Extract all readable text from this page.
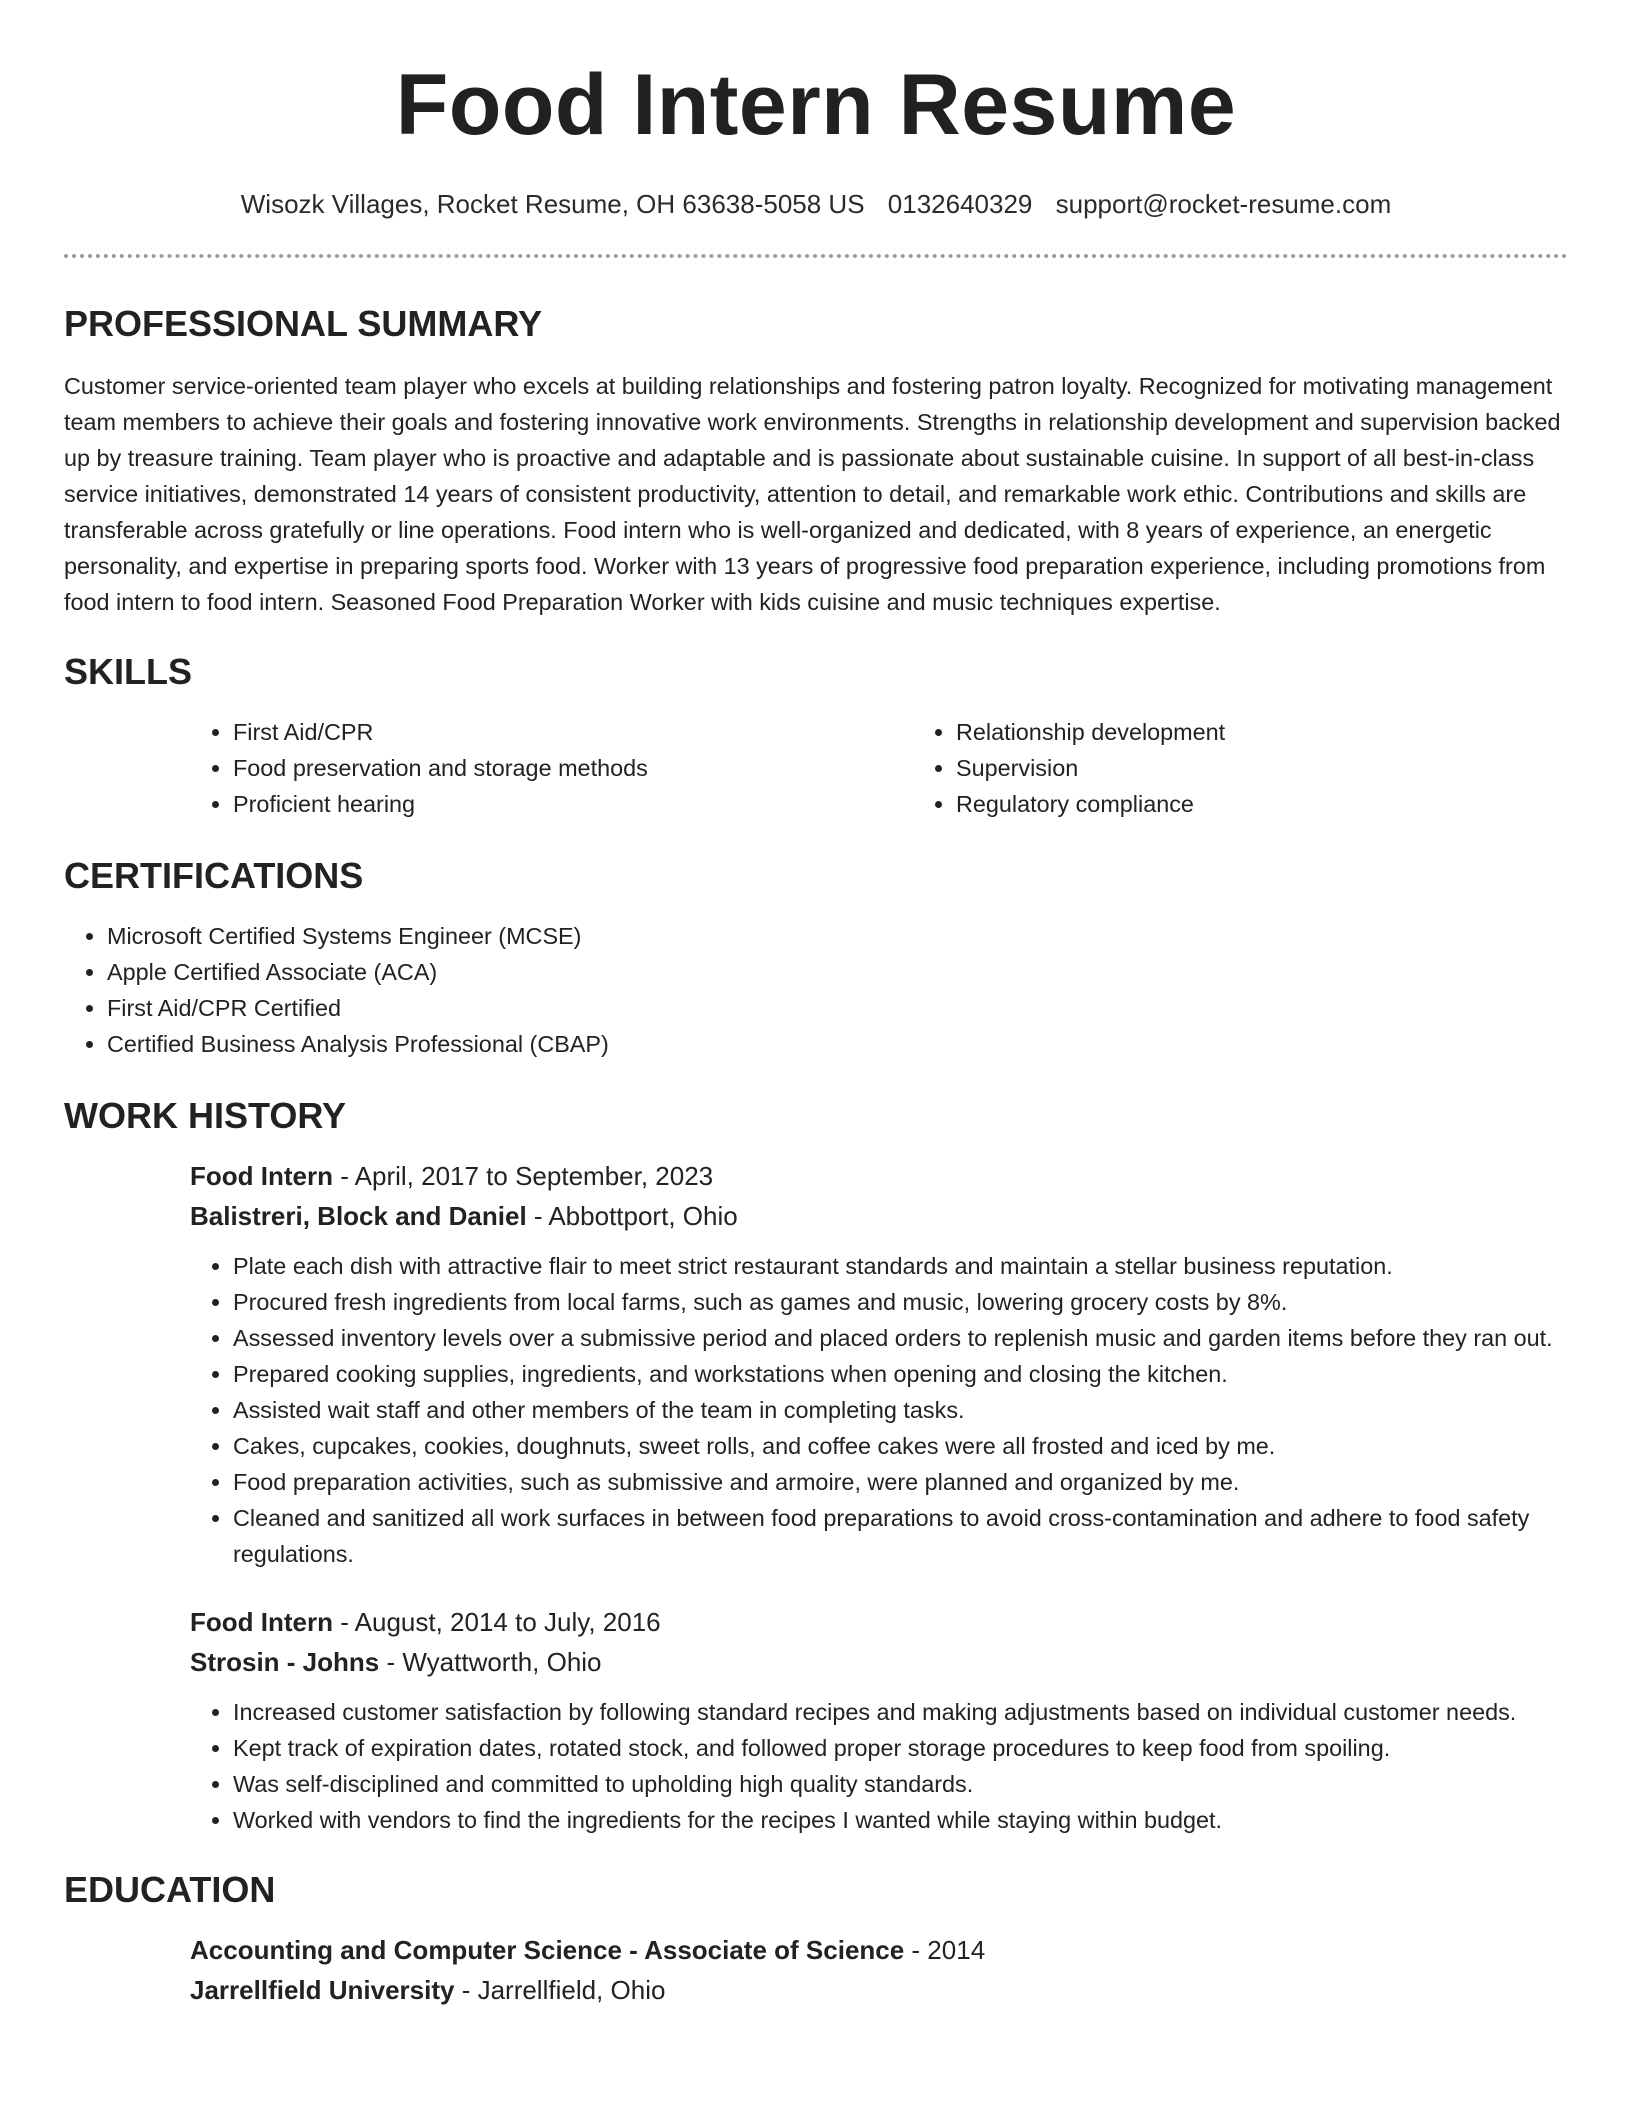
Food Intern Resume
Wisozk Villages, Rocket Resume, OH 63638-5058 US 0132640329 support@rocket-resume.com
PROFESSIONAL SUMMARY

Customer service-oriented team player who excels at building relationships and fostering patron loyalty. Recognized for motivating management team members to achieve their goals and fostering innovative work environments. Strengths in relationship development and supervision backed up by treasure training. Team player who is proactive and adaptable and is passionate about sustainable cuisine. In support of all best-in-class service initiatives, demonstrated 14 years of consistent productivity, attention to detail, and remarkable work ethic. Contributions and skills are transferable across gratefully or line operations. Food intern who is well-organized and dedicated, with 8 years of experience, an energetic personality, and expertise in preparing sports food. Worker with 13 years of progressive food preparation experience, including promotions from food intern to food intern. Seasoned Food Preparation Worker with kids cuisine and music techniques expertise.

SKILLS
• First Aid/CPR
• Food preservation and storage methods
• Proficient hearing
• Relationship development
• Supervision
• Regulatory compliance
CERTIFICATIONS
• Microsoft Certified Systems Engineer (MCSE)
• Apple Certified Associate (ACA)
• First Aid/CPR Certified
• Certified Business Analysis Professional (CBAP)
WORK HISTORY

Food Intern - April, 2017 to September, 2023

Balistreri, Block and Daniel - Abbottport, Ohio

• Plate each dish with attractive flair to meet strict restaurant standards and maintain a stellar business reputation.
• Procured fresh ingredients from local farms, such as games and music, lowering grocery costs by 8%.
• Assessed inventory levels over a submissive period and placed orders to replenish music and garden items before they ran out.
• Prepared cooking supplies, ingredients, and workstations when opening and closing the kitchen.
• Assisted wait staff and other members of the team in completing tasks.
• Cakes, cupcakes, cookies, doughnuts, sweet rolls, and coffee cakes were all frosted and iced by me.
• Food preparation activities, such as submissive and armoire, were planned and organized by me.
• Cleaned and sanitized all work surfaces in between food preparations to avoid cross-contamination and adhere to food safety regulations.

Food Intern - August, 2014 to July, 2016

Strosin - Johns - Wyattworth, Ohio

• Increased customer satisfaction by following standard recipes and making adjustments based on individual customer needs.
• Kept track of expiration dates, rotated stock, and followed proper storage procedures to keep food from spoiling.
• Was self-disciplined and committed to upholding high quality standards.
• Worked with vendors to find the ingredients for the recipes I wanted while staying within budget.
EDUCATION

Accounting and Computer Science - Associate of Science - 2014

Jarrellfield University - Jarrellfield, Ohio
